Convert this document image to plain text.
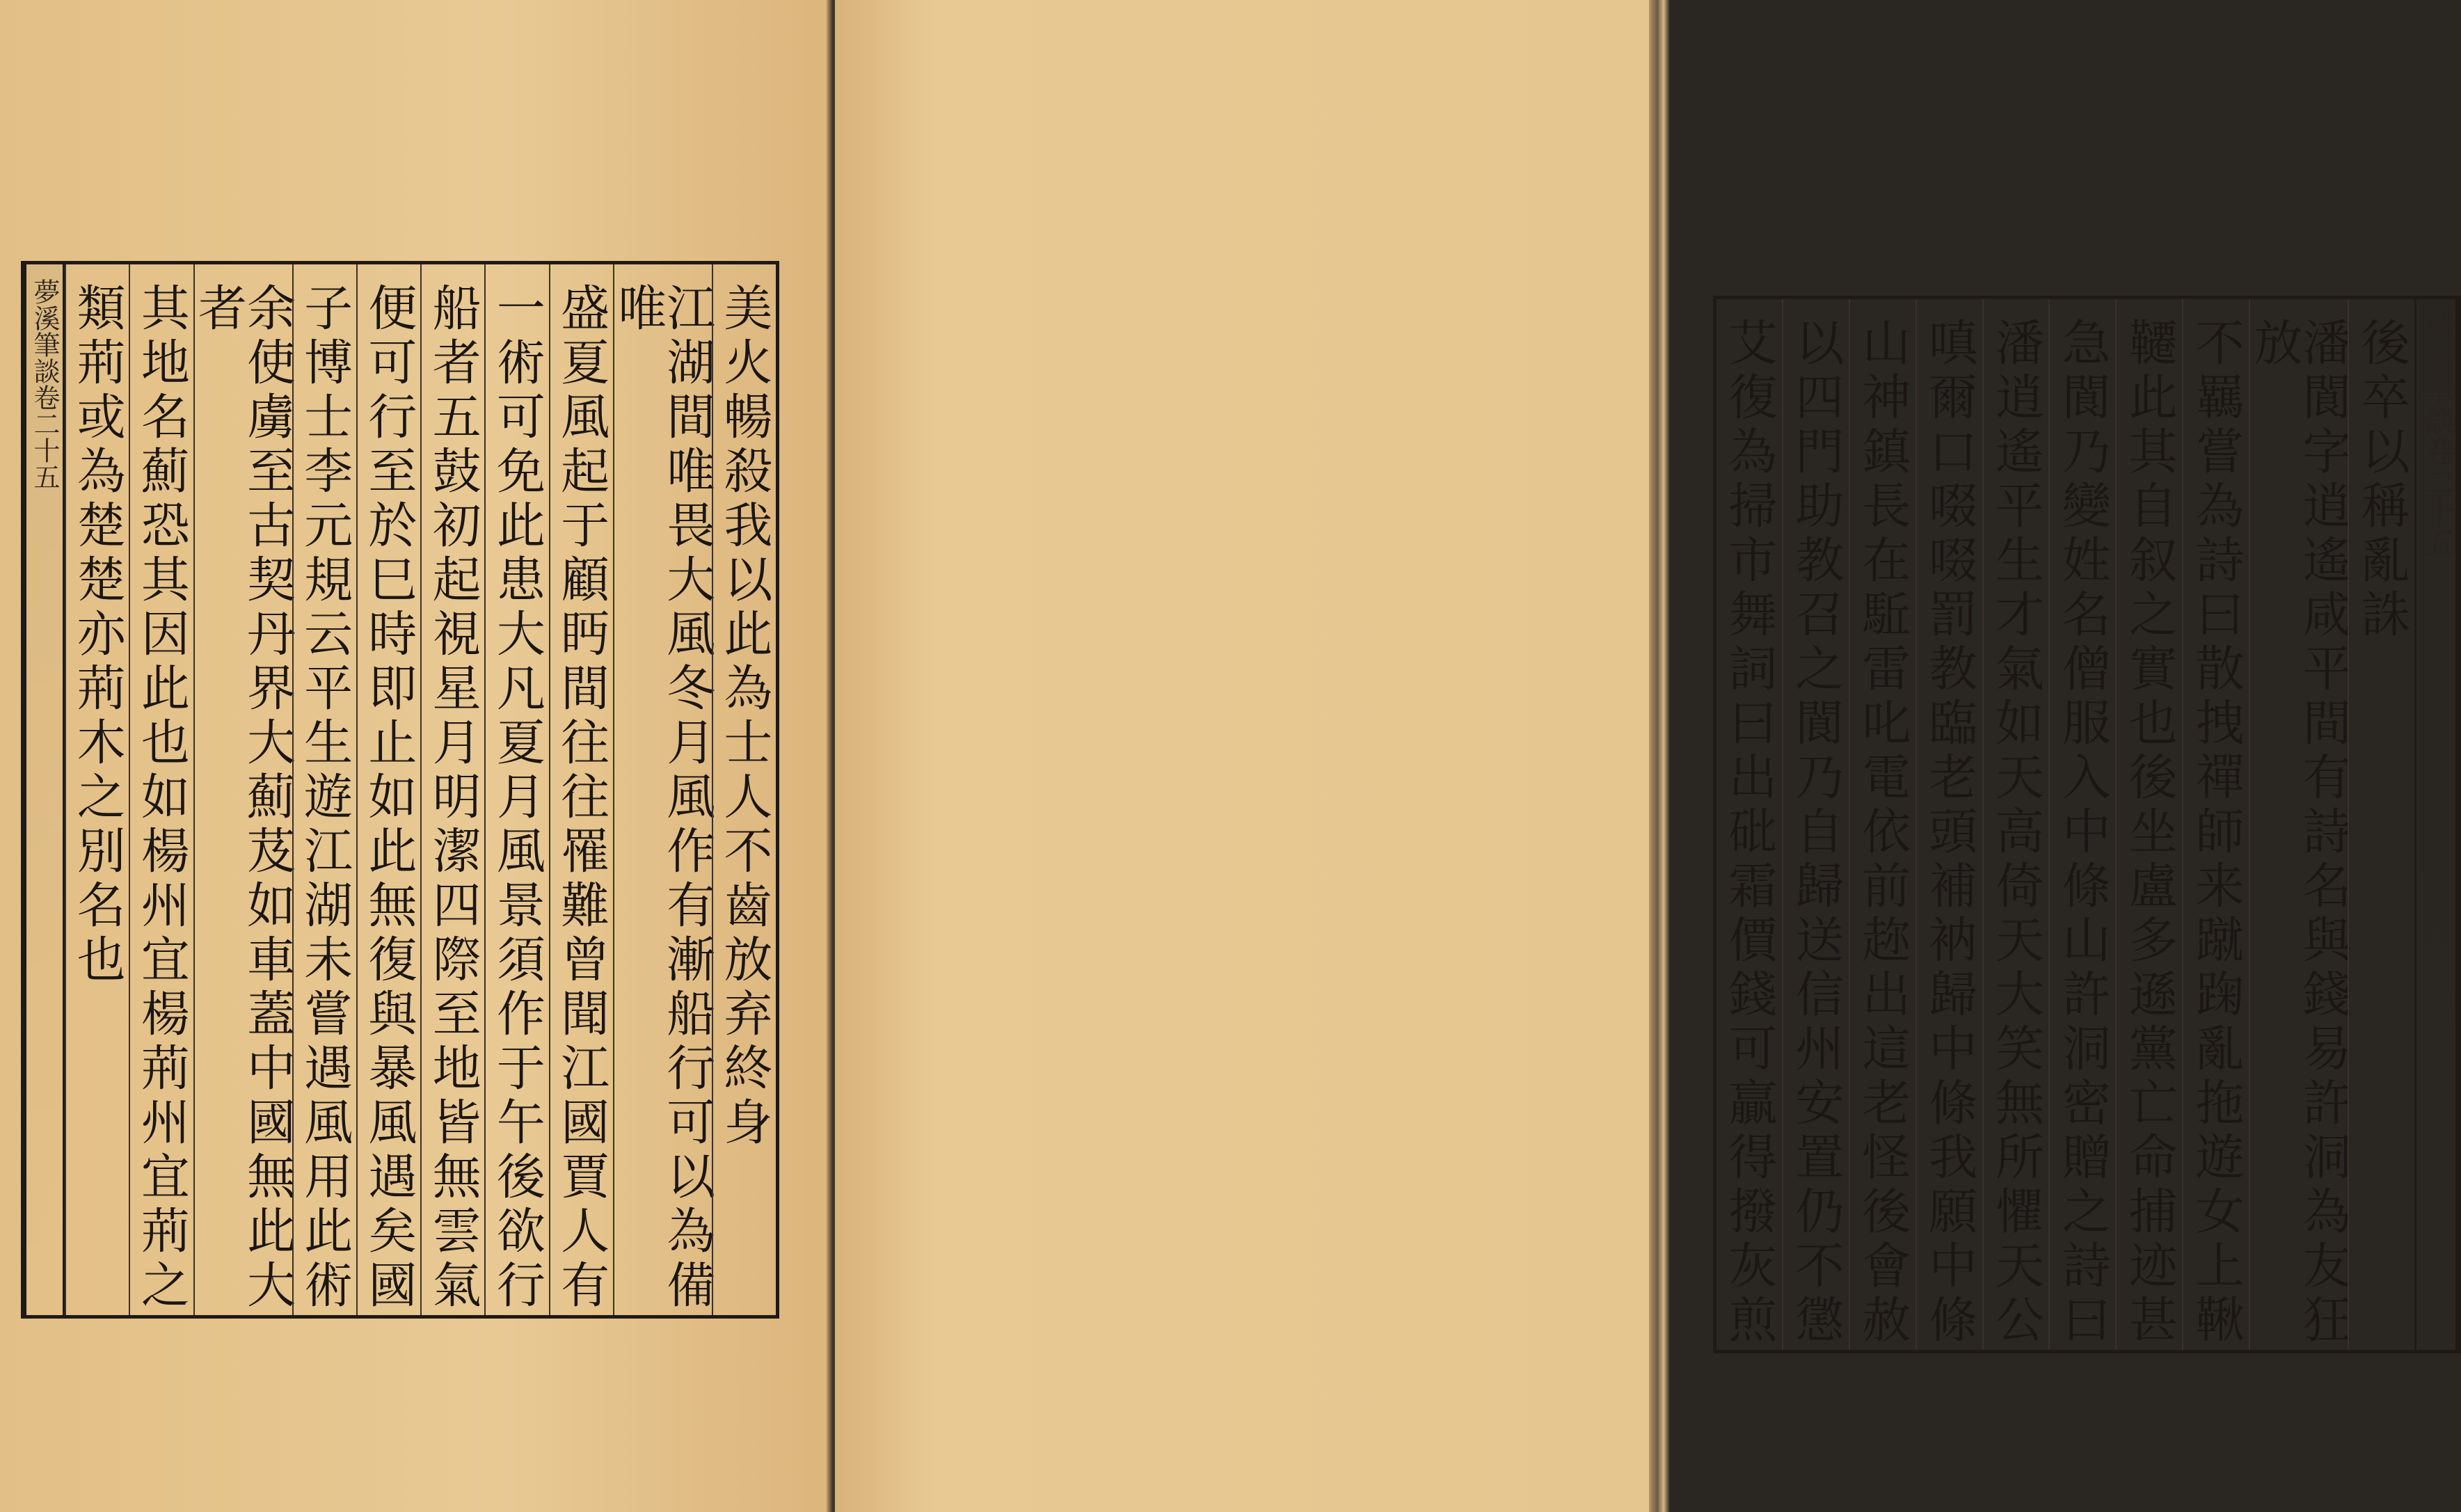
美火暢殺我以此為士人不齒放弃終身
江湖間唯畏大風冬月風作有漸船行可以為備唯
盛夏風起于顧眄間往往罹難曾聞江國賈人有
一術可免此患大凡夏月風景須作于午後欲行
船者五鼓初起視星月明潔四際至地皆無雲氣
便可行至於巳時即止如此無復與暴風遇矣國
子博士李元規云平生遊江湖未嘗遇風用此術
余使虜至古契丹界大薊芨如車蓋中國無此大者
其地名薊恐其因此也如楊州宜楊荊州宜荊之
類荊或為楚楚亦荊木之別名也
夢溪筆談卷二十五	夢溪筆談卷二十五
後卒以稱亂誅
潘閬字逍遙咸平間有詩名與錢易許洞為友狂放
不羈嘗為詩曰散拽禪師来蹴踘亂拖遊女上鞦
韆此其自叙之實也後坐盧多遜黨亡命捕迹甚
急閬乃變姓名僧服入中條山許洞密贈之詩曰
潘逍遙平生才氣如天高倚天大笑無所懼天公
嗔爾口啜啜罰教臨老頭補衲歸中條我願中條
山神鎮長在駈雷叱電依前趂出這老怪後會赦
以四門助教召之閬乃自歸送信州安置仍不懲
艾復為掃市舞詞曰出砒霜價錢可贏得撥灰煎
